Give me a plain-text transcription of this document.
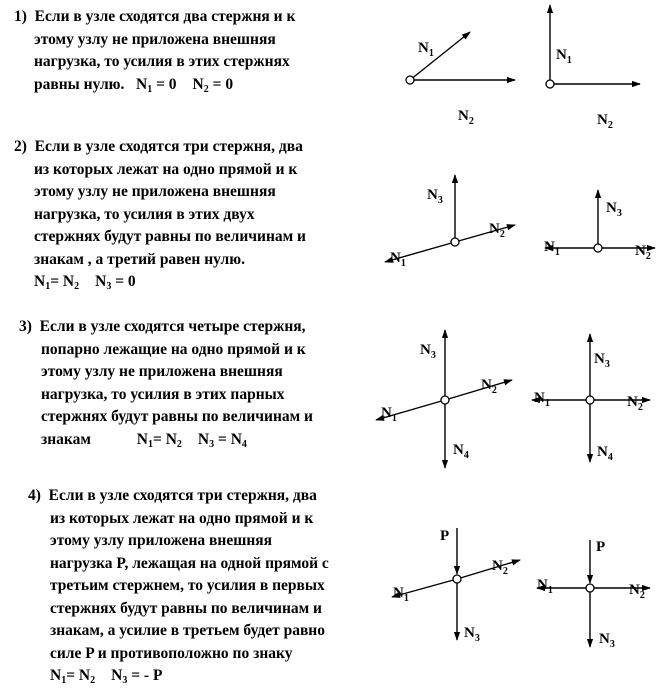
1) Если в узле сходятся два стержня и к
этому узлу не приложена внешняя
нагрузка, то усилия в этих стержнях
равны нулю. $N_1 = 0$ $N_2 = 0$
2) Если в узле сходятся три стержня, два
из которых лежат на одно прямой и к
этому узлу не приложена внешняя
нагрузка, то усилия в этих двух
стержнях будут равны по величинам и
знакам , а третий равен нулю.
$N_1= N_2$ $N_3 = 0$
3) Если в узле сходятся четыре стержня,
попарно лежащие на одно прямой и к
этому узлу не приложена внешняя
нагрузка, то усилия в этих парных
стержнях будут равны по величинам и
знакам	$N_1= N_2$ $N_3 = N_4$
4) Если в узле сходятся три стержня, два
из которых лежат на одно прямой и к
этому узлу приложена внешняя
нагрузка P, лежащая на одной прямой с
третьим стержнем, то усилия в первых
стержнях будут равны по величинам и
знакам, а усилие в третьем будет равно
силе P и противоположно по знаку
$N_1= N_2$ $N_3$ = - P
$N_1$
$N_2$
$N_1$
$N_2$
$N_3$
$N_2$
$N_1$
$N_3$
$N_2$
$N_1$
$N_3$
$N_2$
$N_1$
$N_4$
$N_3$
$N_2$
$N_1$
$N_4$
$N_2$
$N_1$
$N_3$
P
$N_2$
$N_1$
$N_3$
P
